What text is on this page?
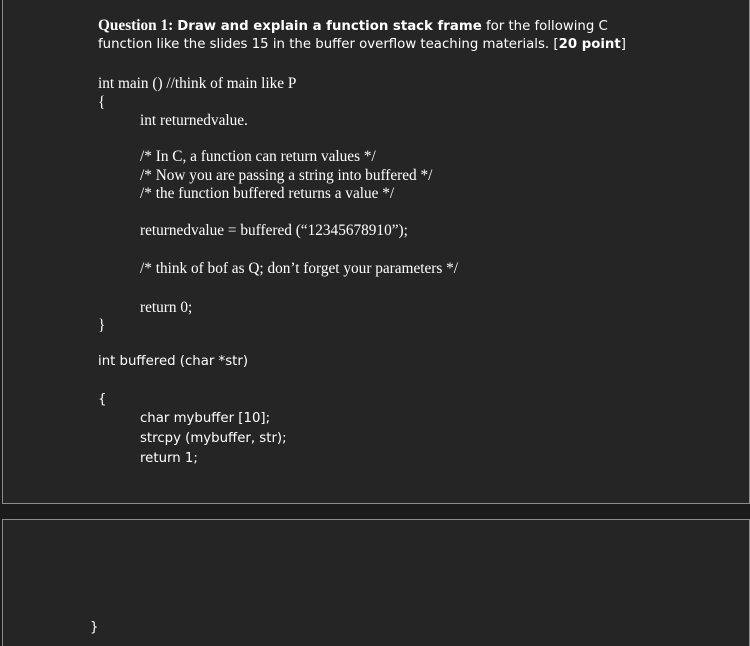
Question 1: Draw and explain a function stack frame for the following C
function like the slides 15 in the buffer overflow teaching materials. [20 point]
int main () //think of main like P
{
int returnedvalue.
/* In C, a function can return values */
/* Now you are passing a string into buffered */
/* the function buffered returns a value */
returnedvalue = buffered (“12345678910”);
/* think of bof as Q; don’t forget your parameters */
return 0;
}
int buffered (char *str)
{
char mybuffer [10];
strcpy (mybuffer, str);
return 1;
}
